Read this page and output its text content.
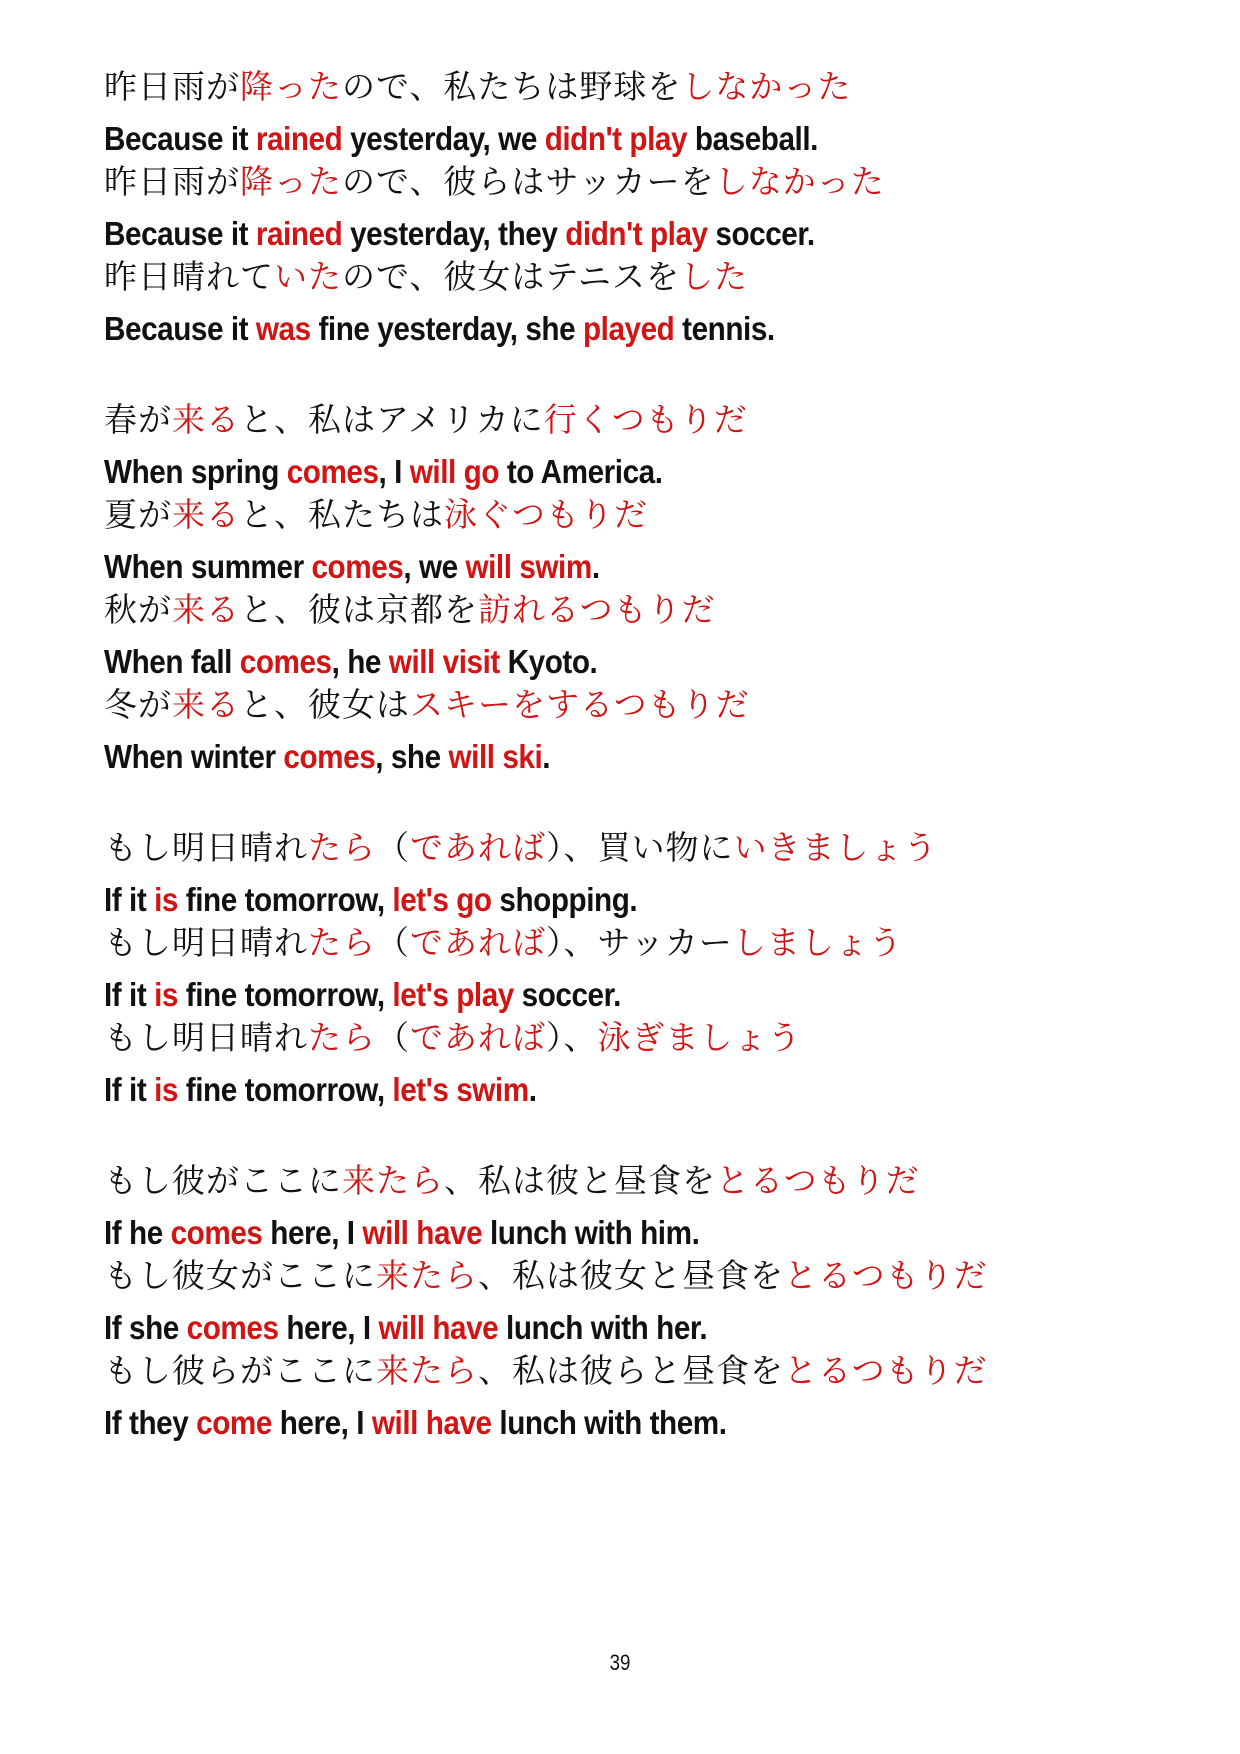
昨日雨が降ったので、私たちは野球をしなかった
Because it rained yesterday, we didn't play baseball.
昨日雨が降ったので、彼らはサッカーをしなかった
Because it rained yesterday, they didn't play soccer.
昨日晴れていたので、彼女はテニスをした
Because it was fine yesterday, she played tennis.
春が来ると、私はアメリカに行くつもりだ
When spring comes, I will go to America.
夏が来ると、私たちは泳ぐつもりだ
When summer comes, we will swim.
秋が来ると、彼は京都を訪れるつもりだ
When fall comes, he will visit Kyoto.
冬が来ると、彼女はスキーをするつもりだ
When winter comes, she will ski.
もし明日晴れたら（であれば）、買い物にいきましょう
If it is fine tomorrow, let's go shopping.
もし明日晴れたら（であれば）、サッカーしましょう
If it is fine tomorrow, let's play soccer.
もし明日晴れたら（であれば）、泳ぎましょう
If it is fine tomorrow, let's swim.
もし彼がここに来たら、私は彼と昼食をとるつもりだ
If he comes here, I will have lunch with him.
もし彼女がここに来たら、私は彼女と昼食をとるつもりだ
If she comes here, I will have lunch with her.
もし彼らがここに来たら、私は彼らと昼食をとるつもりだ
If they come here, I will have lunch with them.
39
